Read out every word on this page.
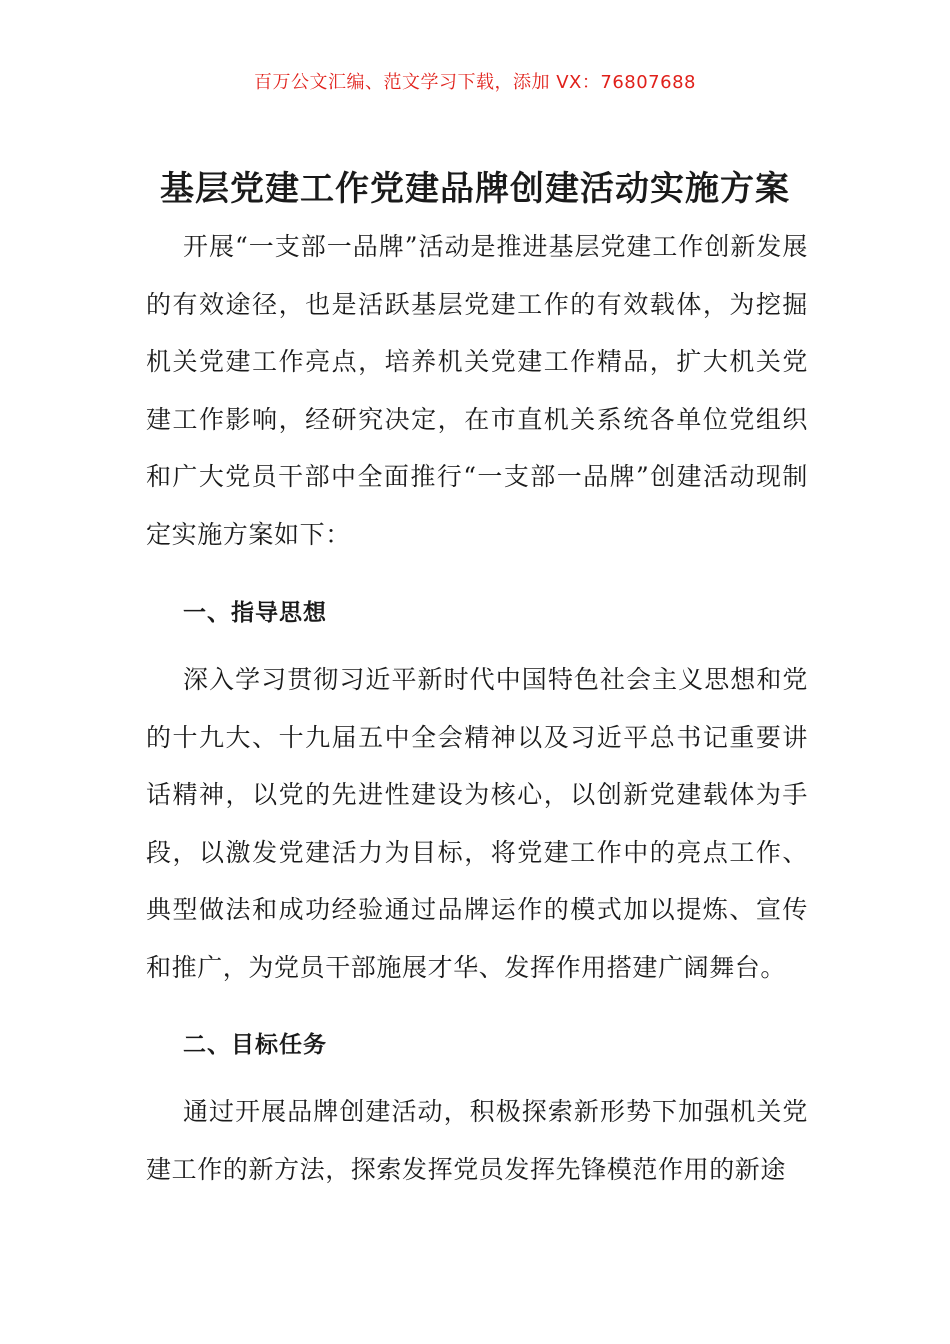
百万公文汇编、范文学习下载，添加 VX：76807688
基层党建工作党建品牌创建活动实施方案

开展“一支部一品牌”活动是推进基层党建工作创新发展的有效途径，也是活跃基层党建工作的有效载体，为挖掘机关党建工作亮点，培养机关党建工作精品，扩大机关党建工作影响，经研究决定，在市直机关系统各单位党组织和广大党员干部中全面推行“一支部一品牌”创建活动现制定实施方案如下：

一、指导思想

深入学习贯彻习近平新时代中国特色社会主义思想和党的十九大、十九届五中全会精神以及习近平总书记重要讲话精神，以党的先进性建设为核心，以创新党建载体为手段，以激发党建活力为目标，将党建工作中的亮点工作、典型做法和成功经验通过品牌运作的模式加以提炼、宣传和推广，为党员干部施展才华、发挥作用搭建广阔舞台。

二、目标任务

通过开展品牌创建活动，积极探索新形势下加强机关党建工作的新方法，探索发挥党员发挥先锋模范作用的新途
